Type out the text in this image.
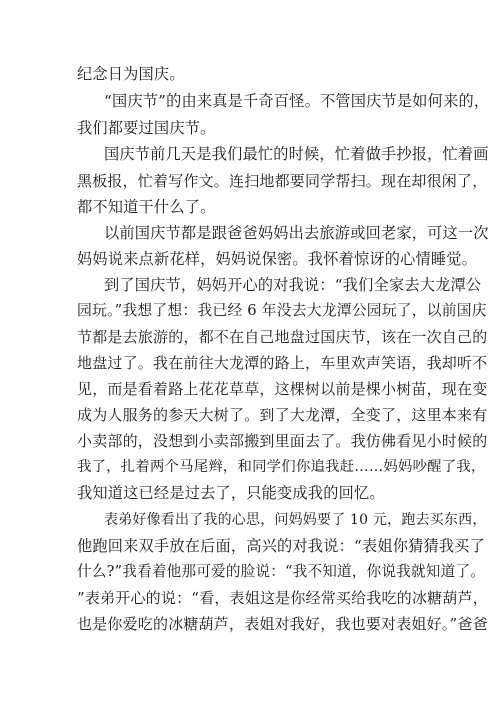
纪念日为国庆。
“国庆节”的由来真是千奇百怪。不管国庆节是如何来的，
我们都要过国庆节。
国庆节前几天是我们最忙的时候，忙着做手抄报，忙着画
黑板报，忙着写作文。连扫地都要同学帮扫。现在却很闲了，
都不知道干什么了。
以前国庆节都是跟爸爸妈妈出去旅游或回老家，可这一次
妈妈说来点新花样，妈妈说保密。我怀着惊讶的心情睡觉。
到了国庆节，妈妈开心的对我说：“我们全家去大龙潭公
园玩。”我想了想：我已经 6 年没去大龙潭公园玩了，以前国庆
节都是去旅游的，都不在自己地盘过国庆节，该在一次自己的
地盘过了。我在前往大龙潭的路上，车里欢声笑语，我却听不
见，而是看着路上花花草草，这棵树以前是棵小树苗，现在变
成为人服务的参天大树了。到了大龙潭，全变了，这里本来有
小卖部的，没想到小卖部搬到里面去了。我仿佛看见小时候的
我了，扎着两个马尾辫，和同学们你追我赶……妈妈吵醒了我，
我知道这已经是过去了，只能变成我的回忆。
表弟好像看出了我的心思，问妈妈要了 10 元，跑去买东西，
他跑回来双手放在后面，高兴的对我说：“表姐你猜猜我买了
什么?”我看着他那可爱的脸说：“我不知道，你说我就知道了。
”表弟开心的说：“看，表姐这是你经常买给我吃的冰糖葫芦，
也是你爱吃的冰糖葫芦，表姐对我好，我也要对表姐好。”爸爸
